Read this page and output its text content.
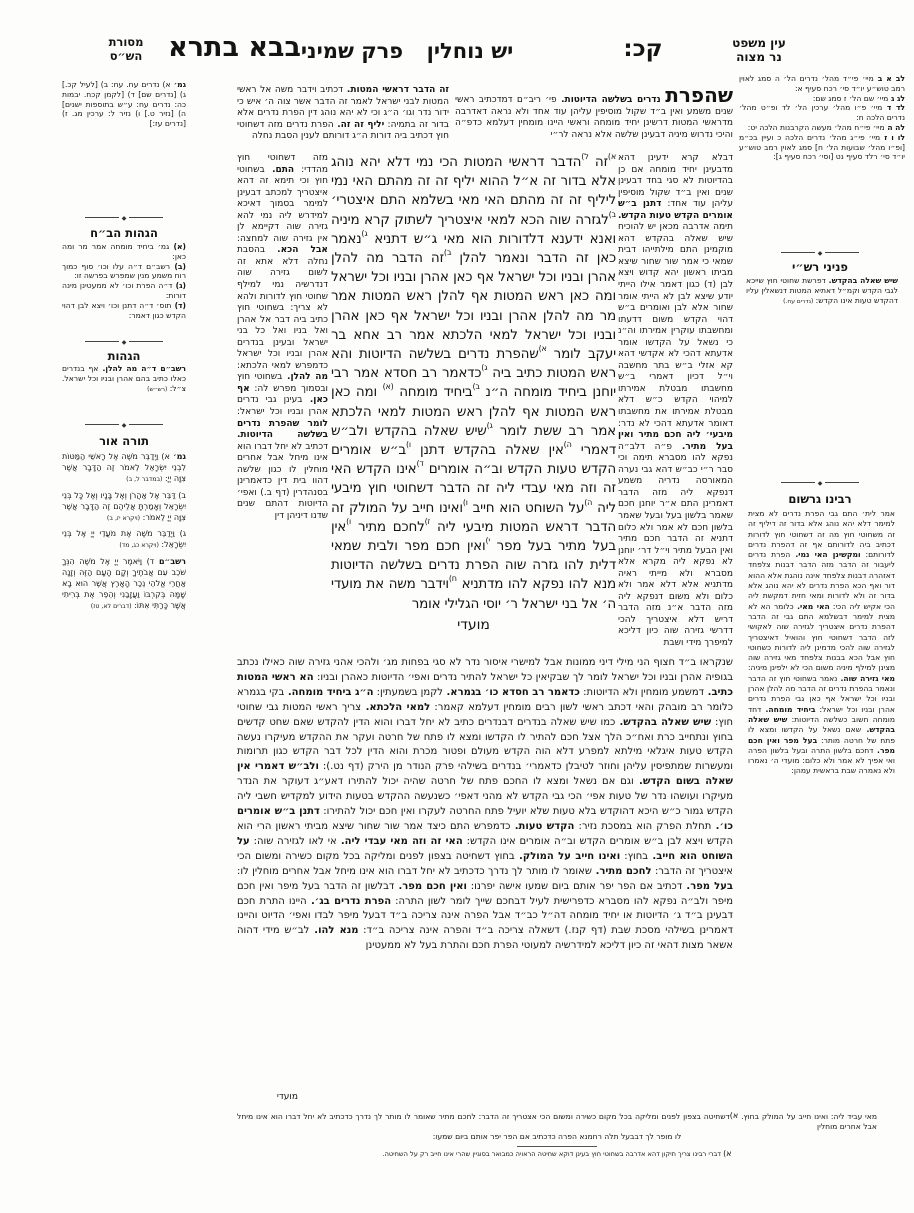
עין משפט
נר מצוה
קכ:
יש נוחלין
פרק שמיני
בבא בתרא
מסורת
הש״ס

לב א ב מיי׳ פי״ד מהל׳ נדרים הל׳ ה סמג לאוין רמב טוש״ע יו״ד סי׳ רכח סעיף א:

לג ג מיי׳ שם הל׳ ז סמג שם:

לד ד מיי׳ פ״ו מהל׳ ערכין הל׳ לד ופ״ט מהל׳ נדרים הלכה ח:

לה ה מיי׳ פי״ח מהל׳ מעשה הקרבנות הלכה יט:

לו ו ז מיי׳ פי״ג מהל׳ נדרים הלכה כ ועיין בכ״מ [ופ״ו מהל׳ שבועות הל׳ ח] סמג לאוין רמב טוש״ע יו״ד סי׳ רלד סעיף נט [וסי׳ רכח סעיף ג]:

◆
פניני רש״י
שיש שאלה בהקדש. דפרשת שחוטי חוץ שייכא לגבי הקדש וקמ״ל דאתיא המטות דנשאלין עליו דהקדש טעות אינו הקדש: (נדרים עח.)
◆
רבינו גרשום
אמר לית׳ התם גבי הפרת נדרים לא מצית למימר דלא יהא נוהג אלא בדור זה דיליף זה זה משחוטי חוץ מה זה דשחוטי חוץ לדורות דכתיב ביה לדורותם אף זה דהפרת נדרים לדורותם: ומקשינן האי נמי. הפרת נדרים ליעבור זה הדבר מזה הדבר דבנות צלפחד דאזהרה דבנות צלפחד אינה נוהגת אלא ההוא דור ואף הכא הפרת נדרים לא יהא נוהג אלא בדור זה ולא לדורות ומאי חזית דמקשת ליה הכי אקיש ליה הכי: האי מאי. כלומר הא לא מצית למימר דבשלמא התם גבי זה הדבר דהפרת נדרים איצטריך לגזירה שוה לאקושי לזה הדבר דשחוטי חוץ והואיל דאיצטריך לגזירה שוה להכי מדמינן ליה לדורות כשחוטי חוץ אבל הכא בבנות צלפחד מאי גזירה שוה מצינן למילף מיניה משום הכי לא ילפינן מיניה: מאי גזירה שוה. נאמר בשחוטי חוץ זה הדבר ונאמר בהפרת נדרים זה הדבר מה להלן אהרן ובניו וכל ישראל אף כאן גבי הפרת נדרים אהרן ובניו וכל ישראל: ביחיד מומחה. דחד מומחה חשוב כשלשה הדיוטות: שיש שאלה בהקדש. שאם נשאל על הקדשו ומצא לו פתח של חרטה מותר: בעל מפר ואין חכם מפר. דחכם בלשון התרה ובעל בלשון הפרה ואי אפיך לא אמר ולא כלום: מועדי ה׳ נאמרו ולא נאמרה שבת בראשית עמהן:
גמ׳ א) נדרים עח. עח: ב) [לעיל קכ.] ג) [נדרים שם] ד) [לקמן קכח. יבמות כה: נדרים עח: ע״ש בתוספות ישנים] ה) [נזיר ט.] ו) נזיר ל: ערכין מג. ז) [נדרים עז:]
◆
הגהות הב״ח

(א) גמ׳ ביחיד מומחה אמר מר ומה כאן:

(ב) רשב״ם ד״ה עלו וכו׳ סוף כמוך רוח משמע מנין שמפרש בפרשה זו:

(ג) ד״ה הפרת וכו׳ לא ממעטינן מינה דורות:

(ד) תוס׳ ד״ה דתנן וכו׳ ויצא לבן דהוי הקדש כגון דאמר:

◆
הגהות
רשב״ם ד״ה מה להלן. אף בנדרים כאלו כתיב בהם אהרן ובניו וכל ישראל. צ״ל: (רש״ש)
◆
תורה אור

גמ׳ א) וַיְדַבֵּר מֹשֶׁה אֶל רָאשֵׁי הַמַּטּוֹת לִבְנֵי יִשְׂרָאֵל לֵאמֹר זֶה הַדָּבָר אֲשֶׁר צִוָּה יְיָ: (במדבר ל, ב)

ב) דַּבֵּר אֶל אַהֲרֹן וְאֶל בָּנָיו וְאֶל כָּל בְּנֵי יִשְׂרָאֵל וְאָמַרְתָּ אֲלֵיהֶם זֶה הַדָּבָר אֲשֶׁר צִוָּה יְיָ לֵאמֹר: (ויקרא יז, ב)

ג) וַיְדַבֵּר מֹשֶׁה אֶת מֹעֲדֵי יְיָ אֶל בְּנֵי יִשְׂרָאֵל: (ויקרא כג, מד)

רשב״ם ד) וַיֹּאמֶר יְיָ אֶל מֹשֶׁה הִנְּךָ שֹׁכֵב עִם אֲבֹתֶיךָ וְקָם הָעָם הַזֶּה וְזָנָה אַחֲרֵי אֱלֹהֵי נֵכַר הָאָרֶץ אֲשֶׁר הוּא בָא שָׁמָּה בְּקִרְבּוֹ וַעֲזָבַנִי וְהֵפֵר אֶת בְּרִיתִי אֲשֶׁר כָּרַתִּי אִתּוֹ: (דברים לא, טז)

שהפרת נדרים בשלשה הדיוטות. פי׳ ריב״ם דמדכתיב ראשי שנים משמע ואין ב״ד שקול מוסיפין עליהן עוד אחד ולא נראה דאדרבה מדראשי המטות דרשינן יחיד מומחה וראשי היינו מומחין דעלמא כדפ״ה והיכי נדרוש מיניה דבעינן שלשה אלא נראה לר״י
זה הדבר דראשי המטות. דכתיב וידבר משה אל ראשי המטות לבני ישראל לאמר זה הדבר אשר צוה ה׳ איש כי ידור נדר וגו׳ ה״ג וכי לא יהא נוהג דין הפרת נדרים אלא בדור זה בתמיה: יליף זה זה. הפרת נדרים מזה דשחוטי חוץ דכתיב ביה דורות ה״ג דורותם לענין הסבת נחלה
דבלא קרא ידעינן דהא מדבעינן יחיד מומחה אם כן בהדיוטות לא סגי בחד דבעינן שנים ואין ב״ד שקול מוסיפין עליהן עוד אחד: דתנן ב״ש אומרים הקדש טעות הקדש. תימה אדרבה מכאן יש להוכיח שיש שאלה בהקדש דהא מוקמינן התם מילתייהו דבית שמאי כי אמר שור שחור שיצא מביתו ראשון יהא קדוש ויצא לבן (ד) כגון דאמר אילו הייתי יודע שיצא לבן לא הייתי אומר שחור אלא לבן ואומרים ב״ש דהוי הקדש משום דדעתו ומחשבתו עוקרין אמירתו וה״נ כי נשאל על הקדשו אומר אדעתא דהכי לא אקדשי דהא קא אזלי ב״ש בתר מחשבה וי״ל דכיון דאמרי ב״ש מחשבתו מבטלת אמירתו למיהוי הקדש כ״ש דלא מבטלת אמירתו את מחשבתו דאומר אדעתא דהכי לא נדר: מיבעי׳ ליה חכם מתיר ואין בעל מתיר. פ״ה דלב״ה נפקא להו מסברא תימה וכי סבר ר״י כב״ש דהא גבי נערה המאורסה נדריה משמע דנפקא ליה מזה הדבר דאמרינן התם א״ר יוחנן חכם שאמר בלשון בעל ובעל שאמר בלשון חכם לא אמר ולא כלום דתניא זה הדבר חכם מתיר ואין הבעל מתיר וי״ל דר׳ יוחנן לא נפקא ליה מקרא אלא מסברא ולא מייתי ראיה מדתניא אלא דלא אמר ולא כלום ולא משום דנפקא ליה מזה הדבר א״נ מזה הדבר דריש דלא איצטריך להכי דדרשי גזירה שוה כיון דליכא למיפרך מידי ושבת
$^{א)}$זה $^{ל)}$הדבר דראשי המטות הכי נמי דלא יהא נוהג אלא בדור זה א״ל ההוא יליף זה זה מהתם האי נמי ליליף זה זה מהתם האי מאי בשלמא התם איצטרי׳ $^{ב)}$לגזרה שוה הכא למאי איצטריך לשתוק קרא מיניה ואנא ידענא דלדורות הוא מאי ג״ש דתניא $^{ג)}$נאמר כאן זה הדבר ונאמר להלן $^{ב)}$זה הדבר מה להלן אהרן ובניו וכל ישראל אף כאן אהרן ובניו וכל ישראל ומה כאן ראש המטות אף להלן ראש המטות אמר מר מה להלן אהרן ובניו וכל ישראל אף כאן אהרן ובניו וכל ישראל למאי הלכתא אמר רב אחא בר יעקב לומר $^{א)}$שהפרת נדרים בשלשה הדיוטות והא ראש המטות כתיב ביה $^{ג)}$כדאמר רב חסדא אמר רבי יוחנן ביחיד מומחה ה״נ $^{ב)}$ביחיד מומחה $^{(א)}$ ומה כאן ראש המטות אף להלן ראש המטות למאי הלכתא אמר רב ששת לומר $^{ג)}$שיש שאלה בהקדש ולב״ש דאמרי $^{ה)}$אין שאלה בהקדש דתנן $^{ו)}$ב״ש אומרים הקדש טעות הקדש וב״ה אומרים $^{ד)}$אינו הקדש האי זה וזה מאי עבדי ליה זה הדבר דשחוטי חוץ מיבעי ליה $^{ה)}$על השוחט הוא חייב $^{ו)}$ואינו חייב על המולק זה הדבר דראש המטות מיבעי ליה $^{ז)}$לחכם מתיר $^{ו)}$אין בעל מתיר בעל מפר $^{י)}$ואין חכם מפר ולבית שמאי דלית להו גזרה שוה הפרת נדרים בשלשה הדיוטות מנא להו נפקא להו מדתניא $^{ח)}$וידבר משה את מועדי ה׳ אל בני ישראל ר׳ יוסי הגלילי אומר
מועדי
מזה דשחוטי חוץ מהדדי: התם. בשחוטי חוץ וכי תימא זה דהא איצטריך למכתב דבעינן למימר בסמוך דאיכא למידרש ליה נמי להא גזירה שוה דקיימא לן אין גזירה שוה למחצה: אבל הכא. בהסבת נחלה דלא אתא זה לשום גזירה שוה דנדרשיה נמי למילף שחוטי חוץ לדורות ולהא לא צריך: בשחוטי חוץ כתיב ביה דבר אל אהרן ואל בניו ואל כל בני ישראל ובעינן בנדרים אהרן ובניו וכל ישראל כדמפרש למאי הלכתא: מה להלן. בשחוטי חוץ ובסמוך מפרש לה: אף כאן. בעינן גבי נדרים אהרן ובניו וכל ישראל: לומר שהפרת נדרים בשלשה הדיוטות. דכתיב לא יחל דברו הוא אינו מיחל אבל אחרים מוחלין לו כגון שלשה דהוו בית דין כדאמרינן בסנהדרין (דף ב.) ואפי׳ הדיוטות דהתם שנים שדנו דיניהן דין
שנקראו ב״ד חצוף הני מילי דיני ממונות אבל למישרי איסור נדר לא סגי בפחות מג׳ ולהכי אהני גזירה שוה כאילו נכתב בגופיה אהרן ובניו וכל ישראל לומר לך שבקיאין כל ישראל להתיר נדרים ואפי׳ הדיוטות כאהרן ובניו: הא ראשי המטות כתיב. דמשמע מומחין ולא הדיוטות: כדאמר רב חסדא כו׳ בגמרא. לקמן בשמעתין: ה״ג ביחיד מומחה. בקי בגמרא כלומר רב מובהק והאי דכתב ראשי לשון רבים מומחין דעלמא קאמר: למאי הלכתא. צריך ראשי המטות גבי שחוטי חוץ: שיש שאלה בהקדש. כמו שיש שאלה בנדרים דבנדרים כתיב לא יחל דברו והוא הדין להקדש שאם שחט קדשים בחוץ ונתחייב כרת ואח״כ הלך אצל חכם להתיר לו הקדשו ומצא לו פתח של חרטה ועקר את ההקדש מעיקרו נעשה הקדש טעות איגלאי מילתא למפרע דלא הוה הקדש מעולם ופטור מכרת והוא הדין לכל דבר הקדש כגון תרומות ומעשרות שמתפיסין עליהן וחוזר לטיבלן כדאמרי׳ בנדרים בשילהי פרק הנודר מן הירק (דף נט.): ולב״ש דאמרי אין שאלה בשום הקדש. וגם אם נשאל ומצא לו החכם פתח של חרטה שהיה יכול להתירו דאע״ג דעוקר את הנדר מעיקרו ועושהו נדר של טעות אפי׳ הכי גבי הקדש לא מהני דאפי׳ כשנעשה ההקדש בטעות הידוע למקדיש חשבי ליה הקדש גמור כ״ש היכא דהוקדש בלא טעות שלא יועיל פתח החרטה לעקרו ואין חכם יכול להתירו: דתנן ב״ש אומרים כו׳. תחלת הפרק הוא במסכת נזיר: הקדש טעות. כדמפרש התם כיצד אמר שור שחור שיצא מביתי ראשון הרי הוא הקדש ויצא לבן ב״ש אומרים הקדש וב״ה אומרים אינו הקדש: האי זה וזה מאי עבדי ליה. אי לאו לגזירה שוה: על השוחט הוא חייב. בחוץ: ואינו חייב על המולק. בחוץ דשחיטה בצפון לפנים ומליקה בכל מקום כשירה ומשום הכי איצטריך זה הדבר: לחכם מתיר. שאומר לו מותר לך נדרך כדכתיב לא יחל דברו הוא אינו מיחל אבל אחרים מוחלין לו: בעל מפר. דכתיב אם הפר יפר אותם ביום שמעו אישה יפרנו: ואין חכם מפר. דבלשון זה הדבר בעל מיפר ואין חכם מיפר ולב״ה נפקא להו מסברא כדפרישית לעיל דבחכם שייך לומר לשון התרה: הפרת נדרים בג׳. היינו התרת חכם דבעינן ב״ד ג׳ הדיוטות או יחיד מומחה דה״ל כב״ד אבל הפרה אינה צריכה ב״ד דבעל מיפר לבדו ואפי׳ הדיוט והיינו דאמרינן בשילהי מסכת שבת (דף קנז.) דשאלה צריכה ב״ד והפרה אינה צריכה ב״ד: מנא להו. לב״ש מידי דהוה אשאר מצות דהאי זה כיון דליכא למידרשיה למעוטי הפרת חכם והתרת בעל לא ממעטינן
מועדי

מאי עביד ליה: ואינו חייב על המולק בחוץ. $^{א)}$דשחיטה בצפון לפנים ומליקה בכל מקום כשירה ומשום הכי אצטריך זה הדבר: לחכם מתיר שאומר לו מותר לך נדרך כדכתיב לא יחל דברו הוא אינו מיחל אבל אחרים מוחלין

לו מופר לך דבבעל תלה רחמנא הפרה כדכתיב אם הפר יפר אותם ביום שמעו:

$^{א)}$ דברי רבינו צריך תיקון דהא אדרבה בשחוטי חוץ בעינן דוקא שחיטה הראויה כמבואר בסוגיין שהרי אינו חייב רק על השחיטה.
